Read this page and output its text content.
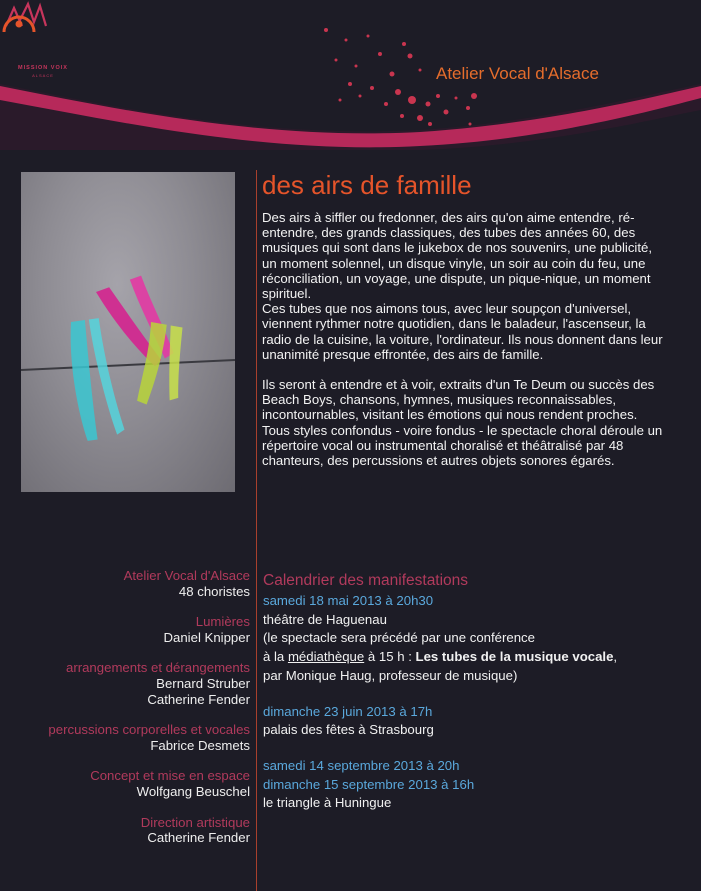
MISSION VOIX
ALSACE	Atelier Vocal d'Alsace
des airs de famille

Des airs à siffler ou fredonner, des airs qu'on aime entendre, ré-entendre, des grands classiques, des tubes des années 60, des musiques qui sont dans le jukebox de nos souvenirs, une publicité, un moment solennel, un disque vinyle, un soir au coin du feu, une réconciliation, un voyage, une dispute, un pique-nique, un moment spirituel.

Ces tubes que nos aimons tous, avec leur soupçon d'universel, viennent rythmer notre quotidien, dans le baladeur, l'ascenseur, la radio de la cuisine, la voiture, l'ordinateur. Ils nous donnent dans leur unanimité presque effrontée, des airs de famille.

Ils seront à entendre et à voir, extraits d'un Te Deum ou succès des Beach Boys, chansons, hymnes, musiques reconnaissables, incontournables, visitant les émotions qui nous rendent proches.

Tous styles confondus - voire fondus - le spectacle choral déroule un répertoire vocal ou instrumental choralisé et théâtralisé par 48 chanteurs, des percussions et autres objets sonores égarés.

Atelier Vocal d'Alsace
48 choristes
Lumières
Daniel Knipper
arrangements et dérangements
Bernard Struber
Catherine Fender
percussions corporelles et vocales
Fabrice Desmets
Concept et mise en espace
Wolfgang Beuschel
Direction artistique
Catherine Fender
Calendrier des manifestations
samedi 18 mai 2013 à 20h30
théâtre de Haguenau
(le spectacle sera précédé par une conférence
à la médiathèque à 15 h : Les tubes de la musique vocale,
par Monique Haug, professeur de musique)
dimanche 23 juin 2013 à 17h
palais des fêtes à Strasbourg
samedi 14 septembre 2013 à 20h
dimanche 15 septembre 2013 à 16h
le triangle à Huningue
